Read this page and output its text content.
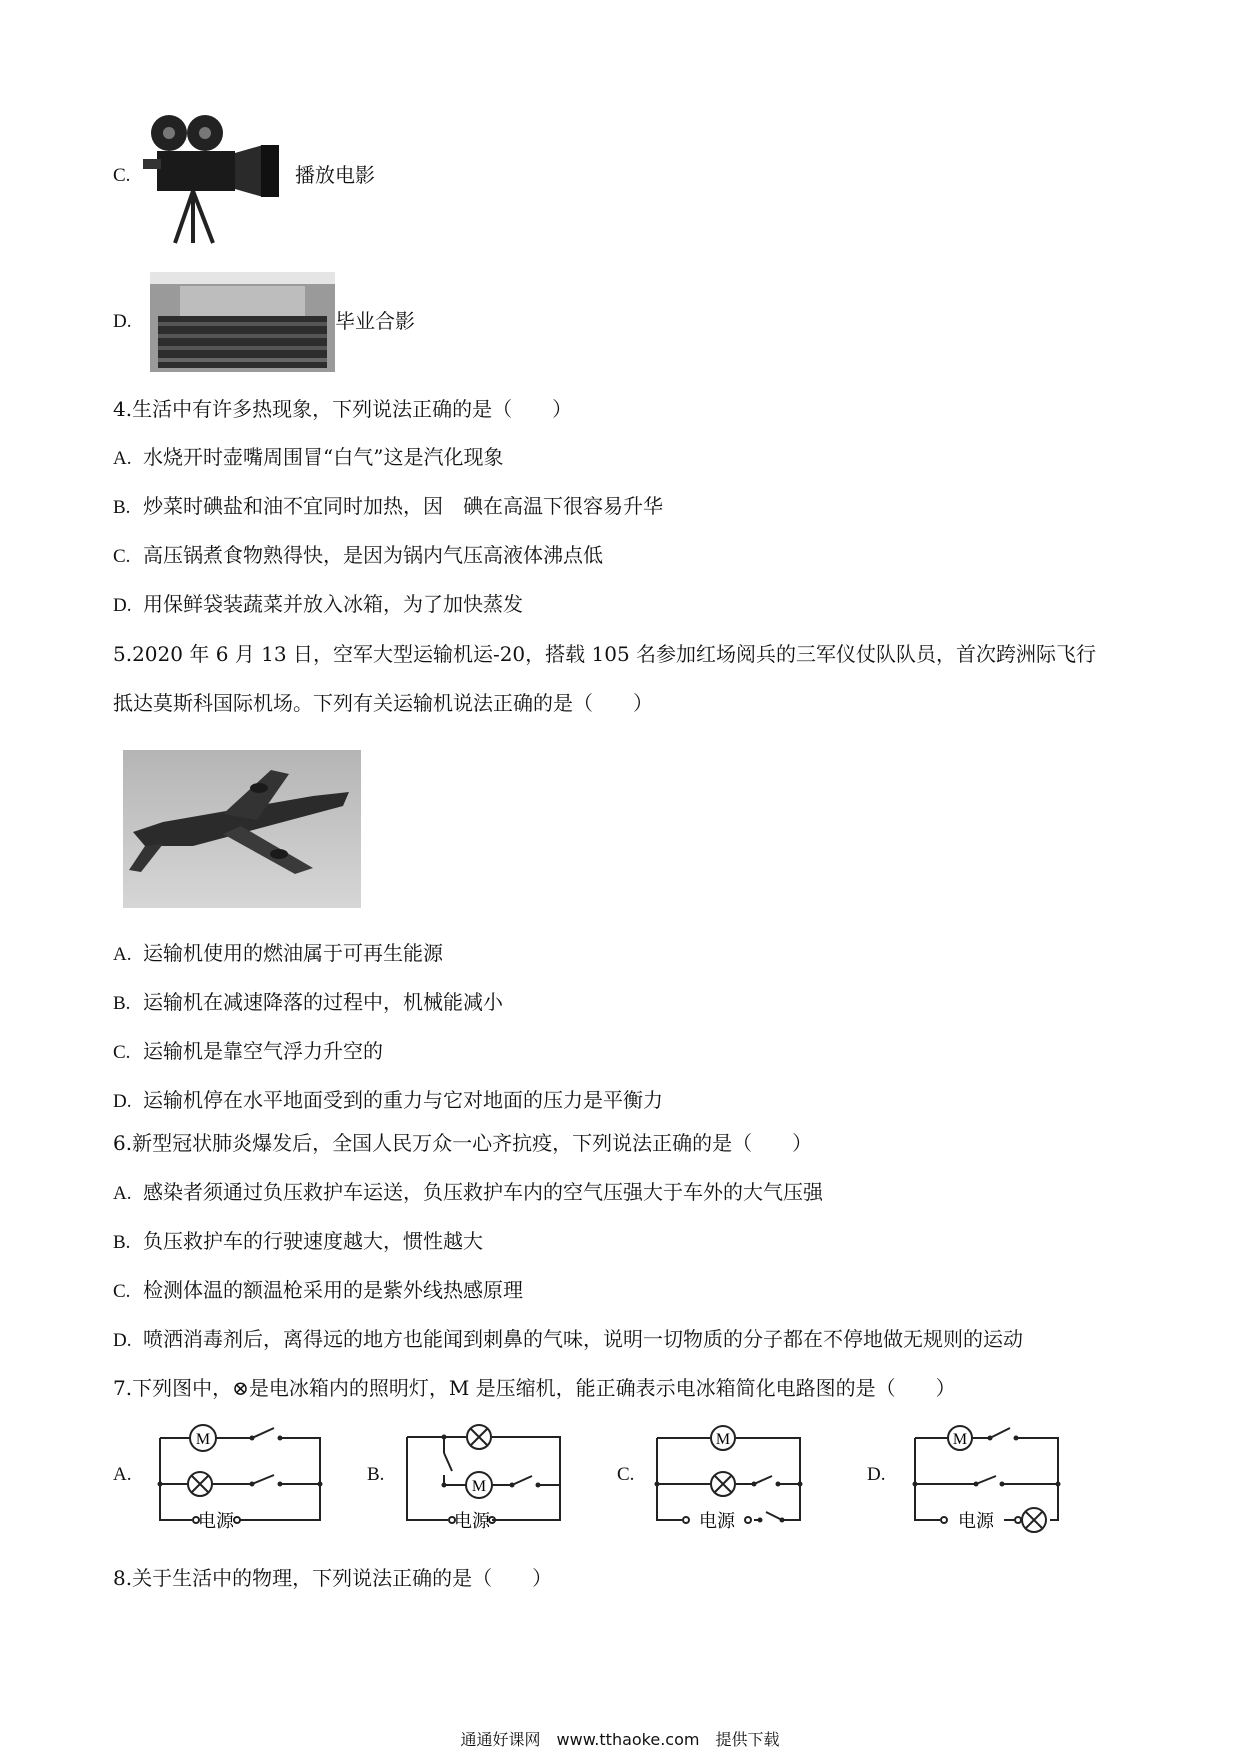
C.	播放电影
D.	毕业合影
4.生活中有许多热现象，下列说法正确的是（　　）
A. 水烧开时壶嘴周围冒“白气”这是汽化现象
B. 炒菜时碘盐和油不宜同时加热，因　碘在高温下很容易升华
C. 高压锅煮食物熟得快，是因为锅内气压高液体沸点低
D. 用保鲜袋装蔬菜并放入冰箱，为了加快蒸发
5.2020 年 6 月 13 日，空军大型运输机运-20，搭载 105 名参加红场阅兵的三军仪仗队队员，首次跨洲际飞行
抵达莫斯科国际机场。下列有关运输机说法正确的是（　　）
A. 运输机使用的燃油属于可再生能源
B. 运输机在减速降落的过程中，机械能减小
C. 运输机是靠空气浮力升空的
D. 运输机停在水平地面受到的重力与它对地面的压力是平衡力
6.新型冠状肺炎爆发后，全国人民万众一心齐抗疫，下列说法正确的是（　　）
A. 感染者须通过负压救护车运送，负压救护车内的空气压强大于车外的大气压强
B. 负压救护车的行驶速度越大，惯性越大
C. 检测体温的额温枪采用的是紫外线热感原理
D. 喷洒消毒剂后，离得远的地方也能闻到刺鼻的气味，说明一切物质的分子都在不停地做无规则的运动
7.下列图中，⊗是电冰箱内的照明灯，M 是压缩机，能正确表示电冰箱简化电路图的是（　　）
A.
M
电源
B.
M
电源
C.
M
电源
D.
M
电源
8.关于生活中的物理，下列说法正确的是（　　）
通通好课网　www.tthaoke.com　提供下载
